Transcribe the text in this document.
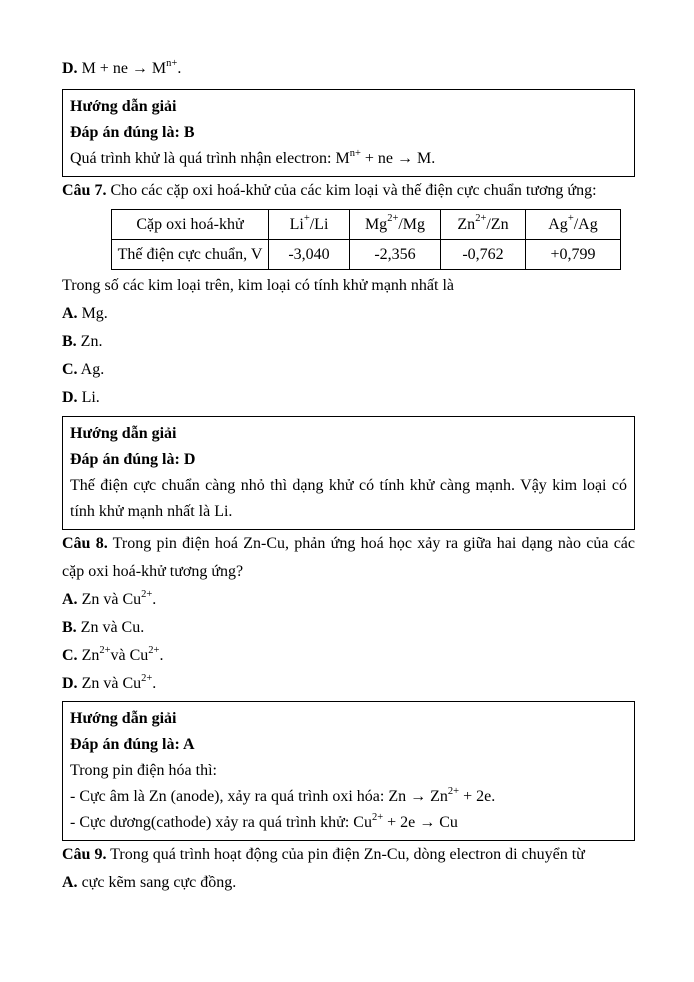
D. M + ne → $M^{n+}$.

Hướng dẫn giải

Đáp án đúng là: B

Quá trình khử là quá trình nhận electron: $M^{n+}$ + ne → M.

Câu 7. Cho các cặp oxi hoá-khử của các kim loại và thế điện cực chuẩn tương ứng:

Cặp oxi hoá-khử	Li+/Li	$Mg^{2+}/Mg$	$Zn^{2+}/Zn$	Ag+/Ag
Thế điện cực chuẩn, V	-3,040	-2,356	-0,762	+0,799

Trong số các kim loại trên, kim loại có tính khử mạnh nhất là

A. Mg.

B. Zn.

C. Ag.

D. Li.

Hướng dẫn giải

Đáp án đúng là: D

Thế điện cực chuẩn càng nhỏ thì dạng khử có tính khử càng mạnh. Vậy kim loại có tính khử mạnh nhất là Li.

Câu 8. Trong pin điện hoá Zn-Cu, phản ứng hoá học xảy ra giữa hai dạng nào của các cặp oxi hoá-khử tương ứng?

A. Zn và $Cu^{2+}$.

B. Zn và Cu.

C. $Zn^{2+}và$ $Cu^{2+}$.

D. Zn và $Cu^{2+}$.

Hướng dẫn giải

Đáp án đúng là: A

Trong pin điện hóa thì:

- Cực âm là Zn (anode), xảy ra quá trình oxi hóa: $Zn \to Zn^{2+} + 2e$.

- Cực dương(cathode) xảy ra quá trình khử: $Cu^{2+} + 2e \to Cu$

Câu 9. Trong quá trình hoạt động của pin điện Zn-Cu, dòng electron di chuyển từ

A. cực kẽm sang cực đồng.
